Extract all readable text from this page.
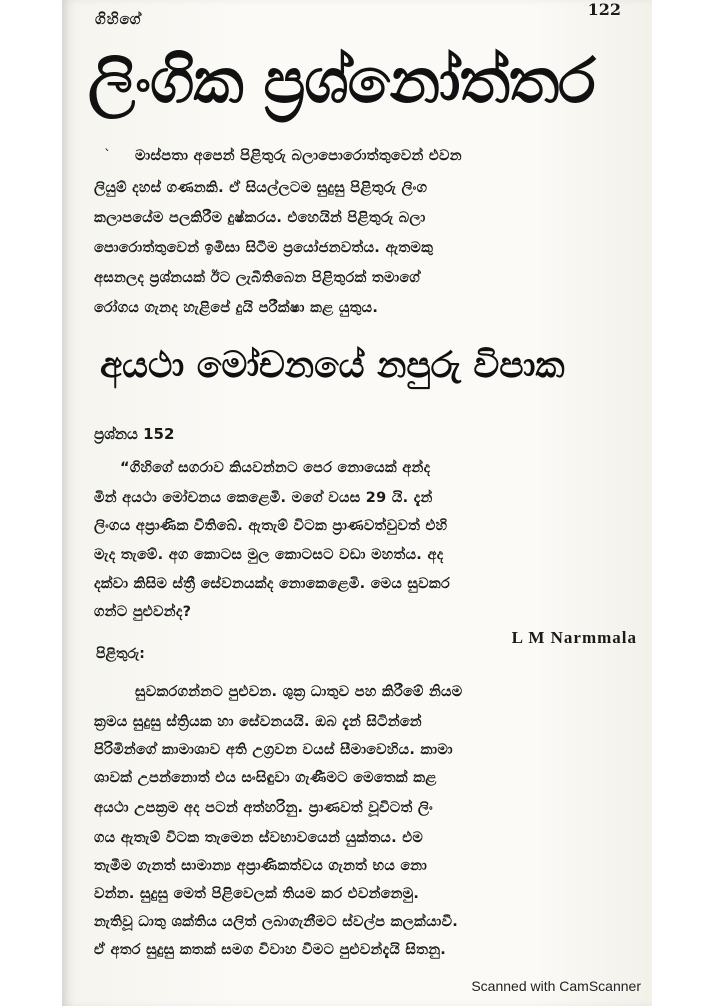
122
ගිහිගේ
ලිංගික ප්‍රශ්නෝත්තර
` මාස්පතා අපෙන් පිළිතුරු බලාපොරොත්තුවෙන් එවන
ලියුම් දහස් ගණනකි. ඒ සියල්ලටම සුදුසු පිළිතුරු ලිංග
කලාපයේම පලකිරීම දුෂ්කරය. එහෙයින් පිළිතුරු බලා
පොරොත්තුවෙන් ඉමිසා සිටීම ප්‍රයෝජනවත්ය. ඇතමකු
අසනලද ප්‍රශ්නයක් ඊට ලැබීතිබෙන පිළිතුරක් තමාගේ
රෝගය ගැනද හැළිපේ දුයි පරීක්ෂා කළ යුතුය.
අයථා මෝචනයේ නපුරු විපාක
ප්‍රශ්නය 152
“ගිහිගේ සගරාව කියවන්නට පෙර නොයෙක් අන්ද
මින් අයථා මෝචනය කෙළෙමි. මගේ වයස 29 යි. දැන්
ලිංගය අප්‍රාණික වීතිබේ. ඇතැම් විටක ප්‍රාණවත්වුවත් එහි
මැද තැමේ. අග කොටස මුල කොටසට වඩා මහත්ය. අද
දක්වා කිසිම ස්ත්‍රී සේවනයක්ද නොකෙළෙමි. මෙය සුවකර
ගන්ට පුළුවන්ද?
L M Narmmala
පිළිතුරු:
සුවකරගන්නට පුළුවන. ශුක්‍ර ධාතුව පහ කිරීමේ නියම
ක්‍රමය සුදුසු ස්ත්‍රියක හා සේවනයයි. ඔබ දැන් සිටින්නේ
පිරිමින්ගේ කාමාශාව අති උග්‍රවන වයස් සීමාවෙහිය. කාමා
ශාවක් උපන්නොත් එය සංසිඳුවා ගැණීමට මෙතෙක් කළ
අයථා උපක්‍රම අද පටන් අත්හරිනු. ප්‍රාණවත් වූවිටත් ලිං
ගය ඇතැම් විටක තැමෙන ස්වභාවයෙන් යුක්තය. එම
තැමීම ගැනත් සාමාන්‍ය අප්‍රාණිකත්වය ගැනත් භය නො
වන්න. සුදුසු මෙත් පිළිවෙලක් තියම කර එවන්නෙමු.
නැතිවූ ධාතු ශක්තිය යලිත් ලබාගැනීමට ස්වල්ප කලක්යාවී.
ඒ අතර සුදුසු කතක් සමග විවාහ වීමට පුළුවන්දැයි සිතනු.
Scanned with CamScanner
